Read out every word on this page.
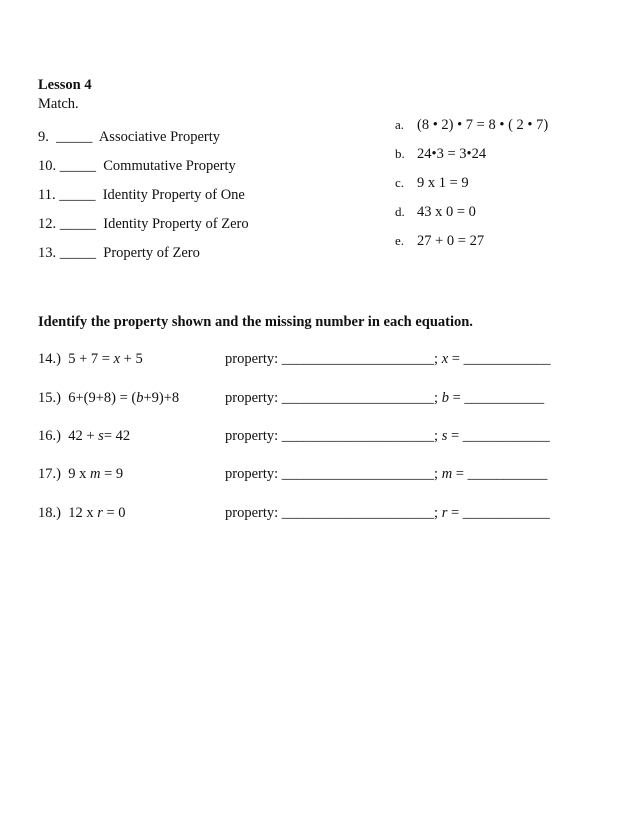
Lesson 4
Match.
9. _____ Associative Property
10. _____ Commutative Property
11. _____ Identity Property of One
12. _____ Identity Property of Zero
13. _____ Property of Zero
a. (8 • 2) • 7 = 8 • ( 2 • 7)
b. 24•3 = 3•24
c. 9 x 1 = 9
d. 43 x 0 = 0
e. 27 + 0 = 27
Identify the property shown and the missing number in each equation.
14.) 5 + 7 = x + 5	property: _____________________; x = ____________
15.) 6+(9+8) = (b+9)+8	property: _____________________; b = ___________
16.) 42 + s= 42	property: _____________________; s = ____________
17.) 9 x m = 9	property: _____________________; m = ___________
18.) 12 x r = 0	property: _____________________; r = ____________
